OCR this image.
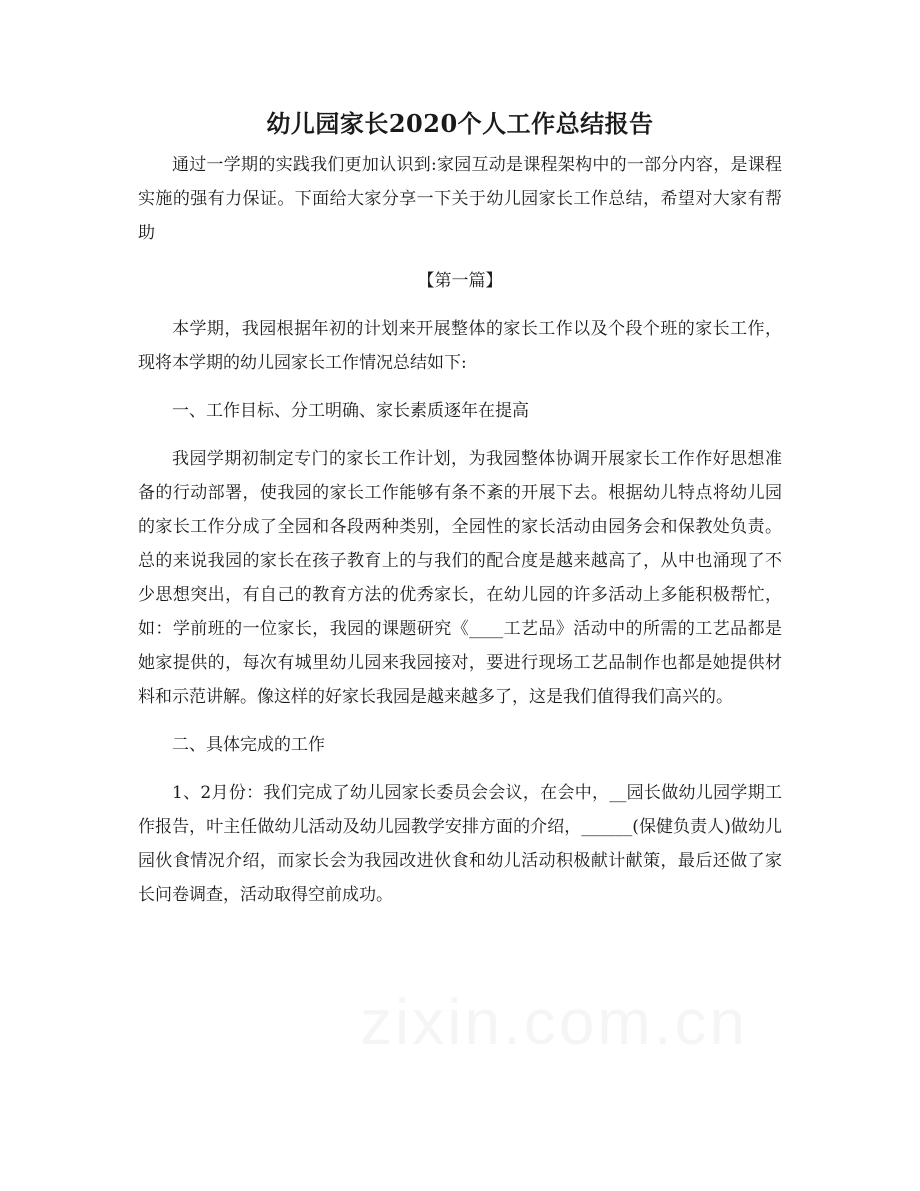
幼儿园家长2020个人工作总结报告

通过一学期的实践我们更加认识到:家园互动是课程架构中的一部分内容，是课程实施的强有力保证。下面给大家分享一下关于幼儿园家长工作总结，希望对大家有帮助

【第一篇】

本学期，我园根据年初的计划来开展整体的家长工作以及个段个班的家长工作，现将本学期的幼儿园家长工作情况总结如下:

一、工作目标、分工明确、家长素质逐年在提高

我园学期初制定专门的家长工作计划，为我园整体协调开展家长工作作好思想准备的行动部署，使我园的家长工作能够有条不紊的开展下去。根据幼儿特点将幼儿园的家长工作分成了全园和各段两种类别，全园性的家长活动由园务会和保教处负责。总的来说我园的家长在孩子教育上的与我们的配合度是越来越高了，从中也涌现了不少思想突出，有自己的教育方法的优秀家长，在幼儿园的许多活动上多能积极帮忙，如：学前班的一位家长，我园的课题研究《____工艺品》活动中的所需的工艺品都是她家提供的，每次有城里幼儿园来我园接对，要进行现场工艺品制作也都是她提供材料和示范讲解。像这样的好家长我园是越来越多了，这是我们值得我们高兴的。

二、具体完成的工作

1、2月份：我们完成了幼儿园家长委员会会议，在会中，__园长做幼儿园学期工作报告，叶主任做幼儿活动及幼儿园教学安排方面的介绍，______(保健负责人)做幼儿园伙食情况介绍，而家长会为我园改进伙食和幼儿活动积极献计献策，最后还做了家长问卷调查，活动取得空前成功。
